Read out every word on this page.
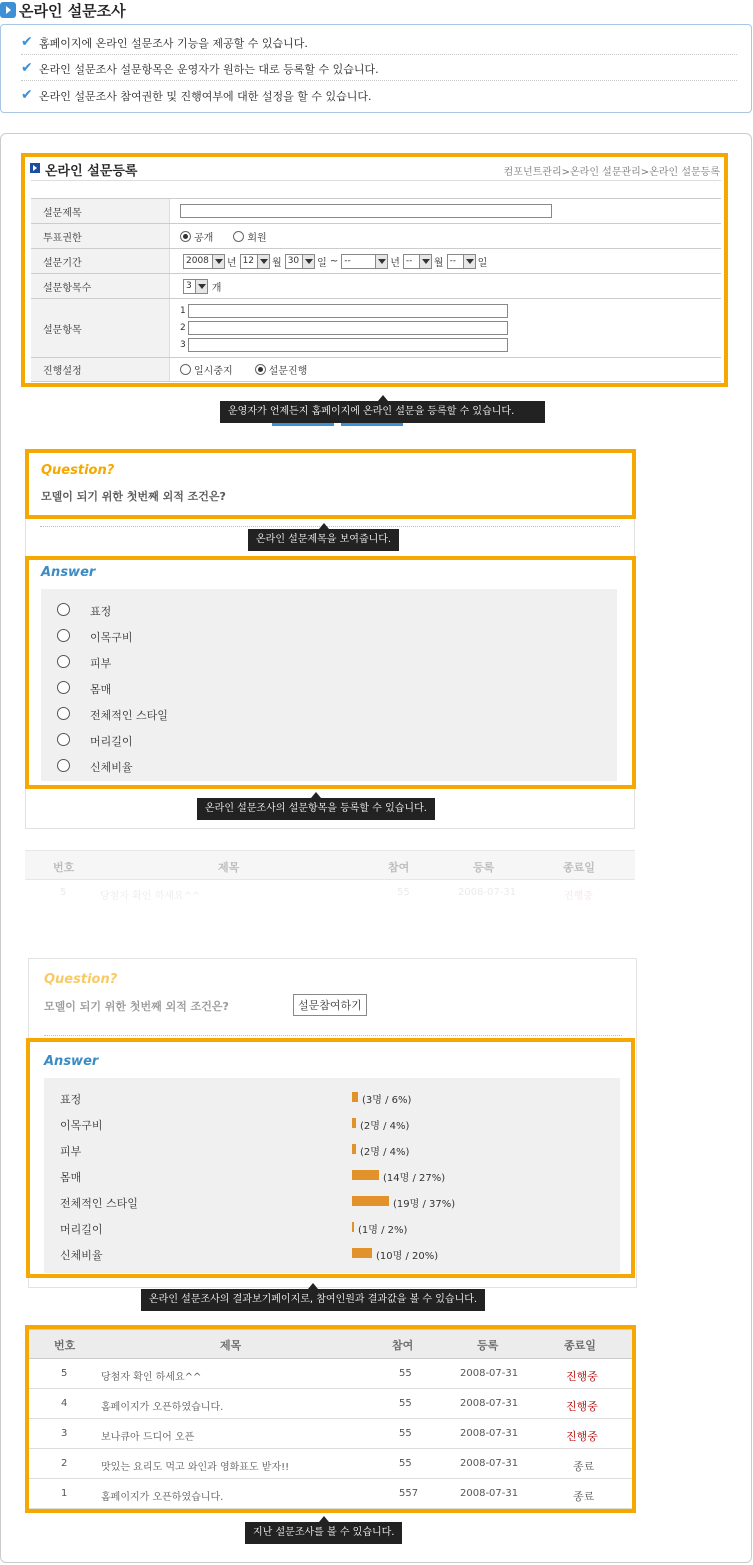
온라인 설문조사
✔ 홈페이지에 온라인 설문조사 기능을 제공할 수 있습니다.
✔ 온라인 설문조사 설문항목은 운영자가 원하는 대로 등록할 수 있습니다.
✔ 온라인 설문조사 참여권한 및 진행여부에 대한 설정을 할 수 있습니다.
온라인 설문등록	컴포넌트관리>온라인 설문관리>온라인 설문등록
설문제목
투표권한	공개	회원
설문기간	2008 년 12 월 30 일 ~ --	년 --	월 --	일
설문항목수	3 개
설문항목
1
2
3
진행설정	일시중지	설문진행
운영자가 언제든지 홈페이지에 온라인 설문을 등록할 수 있습니다.
Question?
모델이 되기 위한 첫번째 외적 조건은?
온라인 설문제목을 보여줍니다.
Answer
표정
이목구비
피부
몸매
전체적인 스타일
머리길이
신체비율
온라인 설문조사의 설문항목을 등록할 수 있습니다.
번호	제목	참여	등록	종료일
5	당첨자 확인 하세요^^	55	2008-07-31	진행중
Question?
모델이 되기 위한 첫번째 외적 조건은?	설문참여하기
Answer
표정	(3명 / 6%)
이목구비	(2명 / 4%)
피부	(2명 / 4%)
몸매	(14명 / 27%)
전체적인 스타일	(19명 / 37%)
머리길이	(1명 / 2%)
신체비율	(10명 / 20%)
온라인 설문조사의 결과보기페이지로, 참여인원과 결과값을 볼 수 있습니다.
번호	제목	참여	등록	종료일
5	당첨자 확인 하세요^^	55	2008-07-31	진행중
4	홈페이지가 오픈하였습니다.	55	2008-07-31	진행중
3	보나큐아 드디어 오픈	55	2008-07-31	진행중
2	맛있는 요리도 먹고 와인과 영화표도 받자!!	55	2008-07-31	종료
1	홈페이지가 오픈하였습니다.	557	2008-07-31	종료
지난 설문조사를 볼 수 있습니다.
